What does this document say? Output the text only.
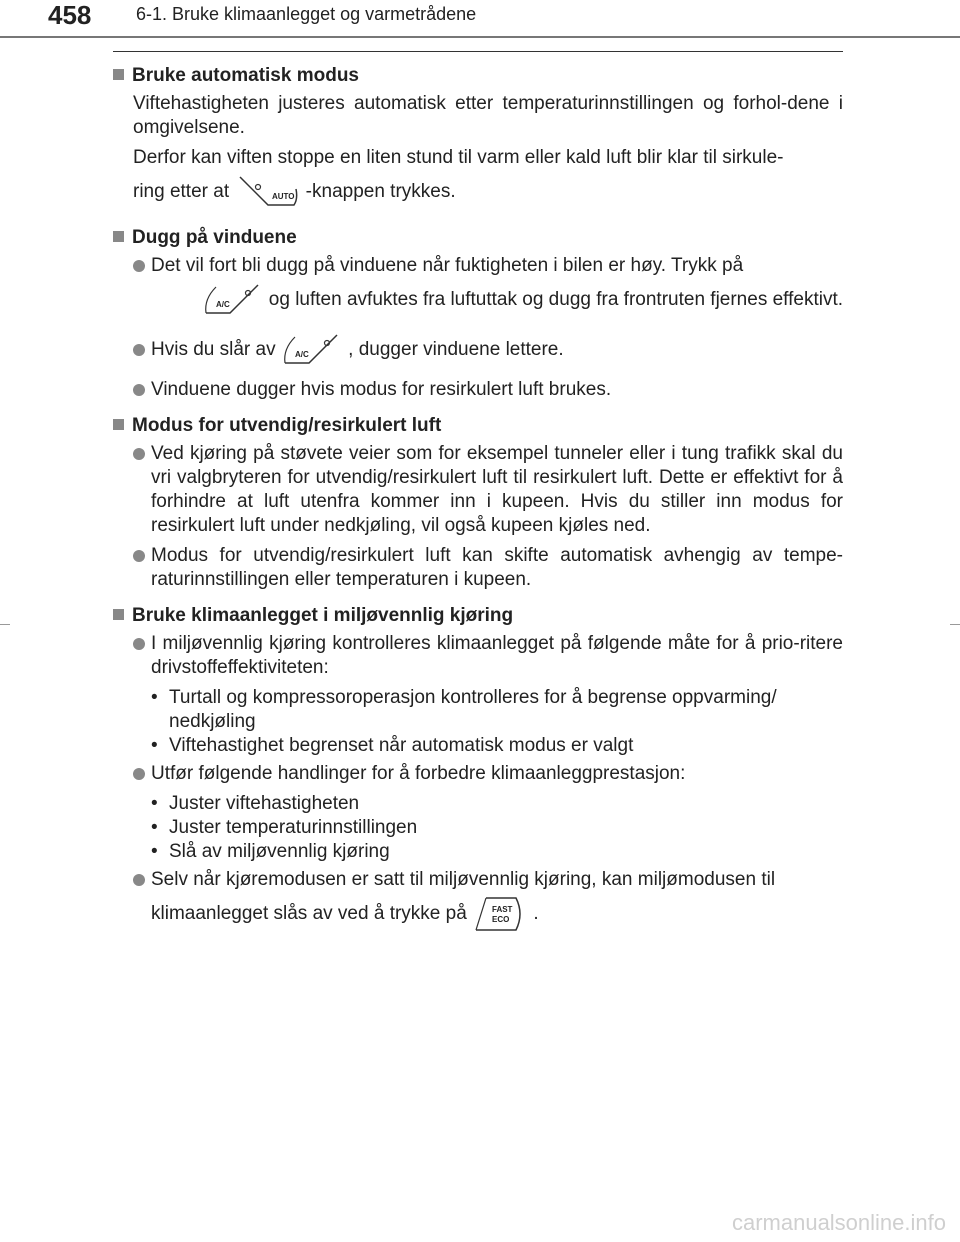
458 6-1. Bruke klimaanlegget og varmetrådene
Bruke automatisk modus
Viftehastigheten justeres automatisk etter temperaturinnstillingen og forhol-dene i omgivelsene.
Derfor kan viften stoppe en liten stund til varm eller kald luft blir klar til sirkule-
ring etter at	AUTO -knappen trykkes.
Dugg på vinduene
Det vil fort bli dugg på vinduene når fuktigheten i bilen er høy. Trykk på
A/C og luften avfuktes fra luftuttak og dugg fra frontruten fjernes effektivt.
Hvis du slår av A/C , dugger vinduene lettere.
Vinduene dugger hvis modus for resirkulert luft brukes.
Modus for utvendig/resirkulert luft
Ved kjøring på støvete veier som for eksempel tunneler eller i tung trafikk skal du vri valgbryteren for utvendig/resirkulert luft til resirkulert luft. Dette er effektivt for å forhindre at luft utenfra kommer inn i kupeen. Hvis du stiller inn modus for resirkulert luft under nedkjøling, vil også kupeen kjøles ned.
Modus for utvendig/resirkulert luft kan skifte automatisk avhengig av tempe-raturinnstillingen eller temperaturen i kupeen.
Bruke klimaanlegget i miljøvennlig kjøring
I miljøvennlig kjøring kontrolleres klimaanlegget på følgende måte for å prio-ritere drivstoffeffektiviteten:
• Turtall og kompressoroperasjon kontrolleres for å begrense oppvarming/ nedkjøling
• Viftehastighet begrenset når automatisk modus er valgt
Utfør følgende handlinger for å forbedre klimaanleggprestasjon:
• Juster viftehastigheten
• Juster temperaturinnstillingen
• Slå av miljøvennlig kjøring
Selv når kjøremodusen er satt til miljøvennlig kjøring, kan miljømodusen til
klimaanlegget slås av ved å trykke på	FAST
ECO .
carmanualsonline.info
